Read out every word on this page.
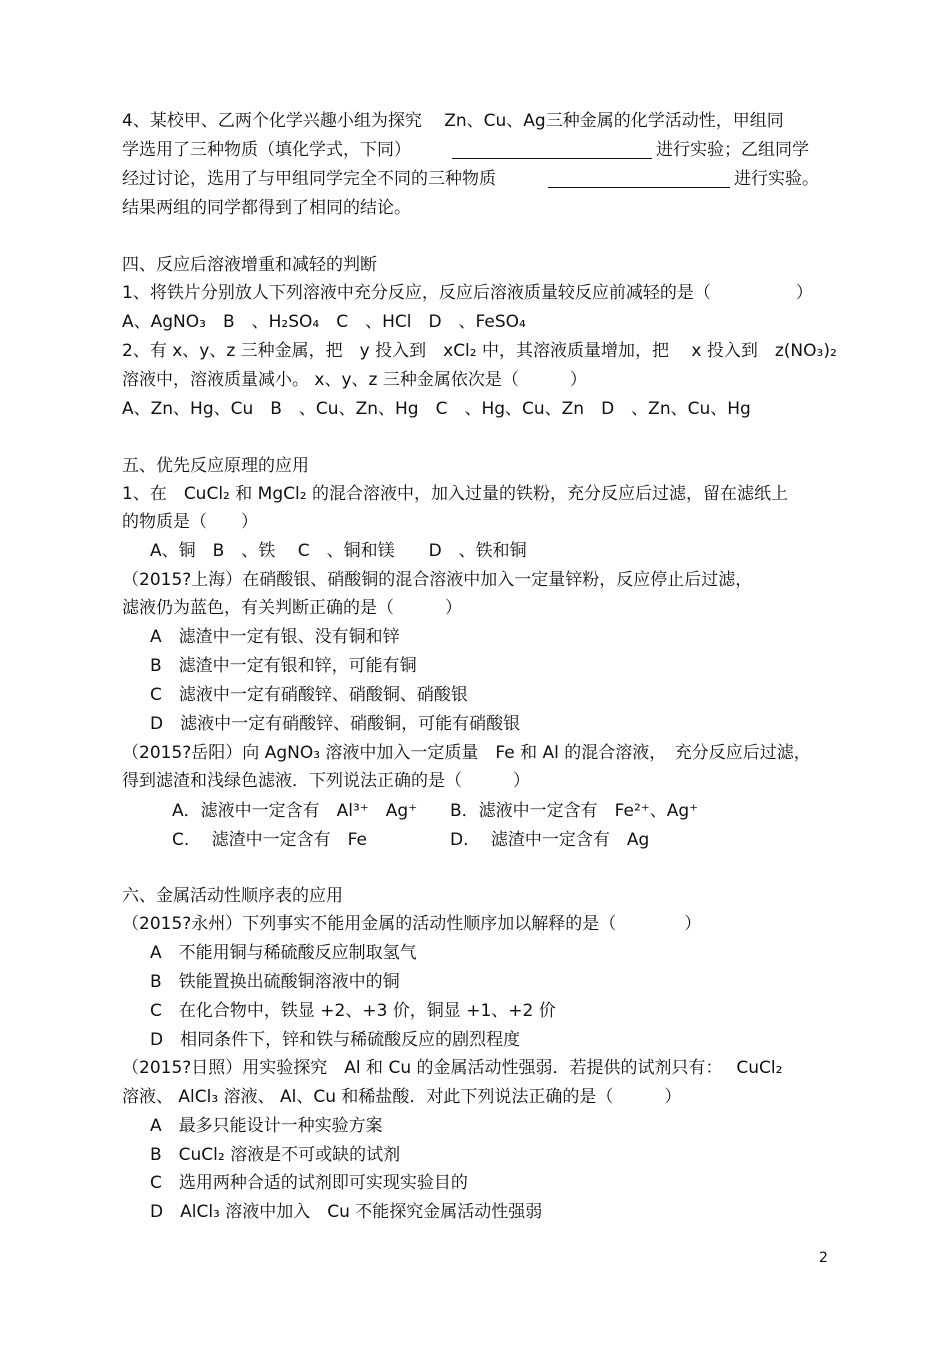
4、某校甲、乙两个化学兴趣小组为探究　 Zn、Cu、Ag三种金属的化学活动性，甲组同
学选用了三种物质（填化学式，下同）	进行实验；乙组同学
经过讨论，选用了与甲组同学完全不同的三种物质	进行实验。
结果两组的同学都得到了相同的结论。
四、反应后溶液增重和减轻的判断
1、将铁片分别放人下列溶液中充分反应，反应后溶液质量较反应前减轻的是（　　　　　）
A、AgNO₃　B　、H₂SO₄　C　、HCl　D　、FeSO₄
2、有 x、y、z 三种金属，把　y 投入到　xCl₂ 中，其溶液质量增加，把　 x 投入到　z(NO₃)₂
溶液中，溶液质量减小。 x、y、z 三种金属依次是（　　　）
A、Zn、Hg、Cu　B　、Cu、Zn、Hg　C　、Hg、Cu、Zn　D　、Zn、Cu、Hg
五、优先反应原理的应用
1、在　CuCl₂ 和 MgCl₂ 的混合溶液中，加入过量的铁粉，充分反应后过滤，留在滤纸上
的物质是（　　）
A、铜　B　、铁　 C　、铜和镁　　D　、铁和铜
（2015?上海）在硝酸银、硝酸铜的混合溶液中加入一定量锌粉，反应停止后过滤，
滤液仍为蓝色，有关判断正确的是（　　　）
A　滤渣中一定有银、没有铜和锌
B　滤渣中一定有银和锌，可能有铜
C　滤液中一定有硝酸锌、硝酸铜、硝酸银
D　滤液中一定有硝酸锌、硝酸铜，可能有硝酸银
（2015?岳阳）向 AgNO₃ 溶液中加入一定质量　Fe 和 Al 的混合溶液，　充分反应后过滤，
得到滤渣和浅绿色滤液．下列说法正确的是（　　　）
A．滤液中一定含有　Al³⁺　Ag⁺ B．滤液中一定含有　Fe²⁺、Ag⁺
C.　 滤渣中一定含有　Fe	D.　 滤渣中一定含有　Ag
六、金属活动性顺序表的应用
（2015?永州）下列事实不能用金属的活动性顺序加以解释的是（　　　　）
A　不能用铜与稀硫酸反应制取氢气
B　铁能置换出硫酸铜溶液中的铜
C　在化合物中，铁显 +2、+3 价，铜显 +1、+2 价
D　相同条件下，锌和铁与稀硫酸反应的剧烈程度
（2015?日照）用实验探究　Al 和 Cu 的金属活动性强弱．若提供的试剂只有：　 CuCl₂
溶液、 AlCl₃ 溶液、 Al、Cu 和稀盐酸．对此下列说法正确的是（　　　）
A　最多只能设计一种实验方案
B　CuCl₂ 溶液是不可或缺的试剂
C　选用两种合适的试剂即可实现实验目的
D　AlCl₃ 溶液中加入　Cu 不能探究金属活动性强弱
2
